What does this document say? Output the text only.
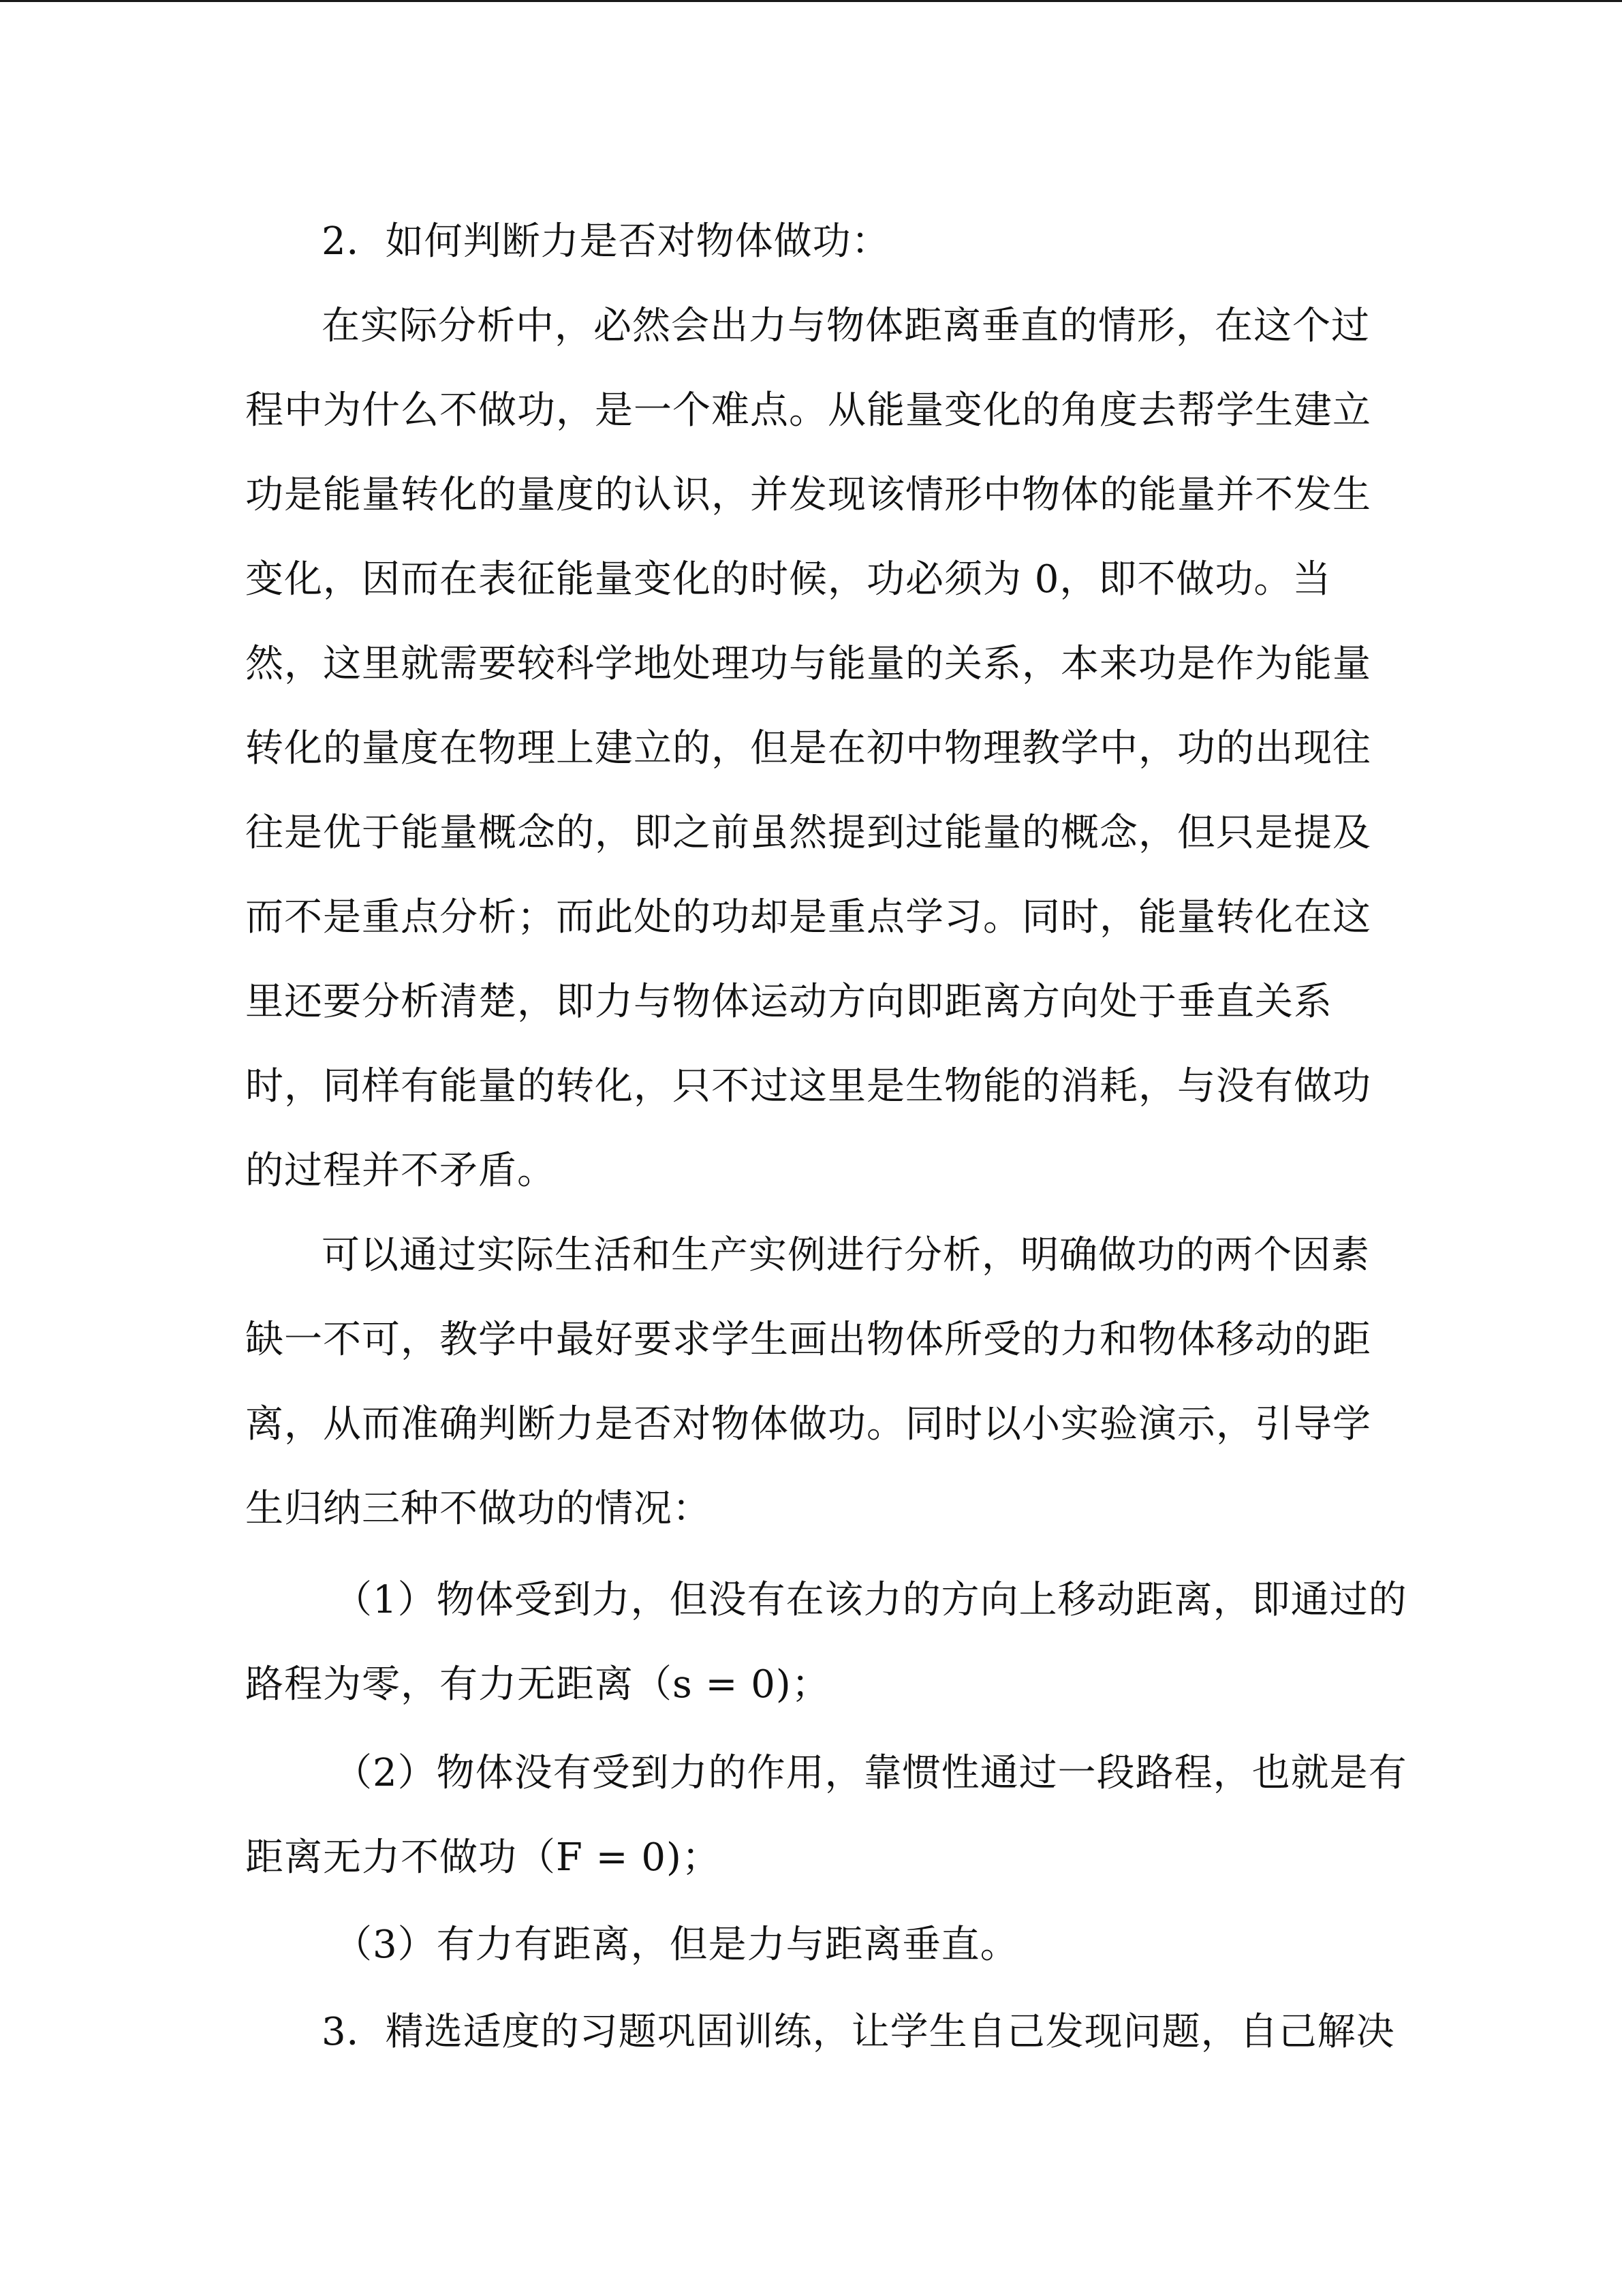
2．如何判断力是否对物体做功：
在实际分析中，必然会出力与物体距离垂直的情形，在这个过
程中为什么不做功，是一个难点。从能量变化的角度去帮学生建立
功是能量转化的量度的认识，并发现该情形中物体的能量并不发生
变化，因而在表征能量变化的时候，功必须为 0，即不做功。当
然，这里就需要较科学地处理功与能量的关系，本来功是作为能量
转化的量度在物理上建立的，但是在初中物理教学中，功的出现往
往是优于能量概念的，即之前虽然提到过能量的概念，但只是提及
而不是重点分析；而此处的功却是重点学习。同时，能量转化在这
里还要分析清楚，即力与物体运动方向即距离方向处于垂直关系
时，同样有能量的转化，只不过这里是生物能的消耗，与没有做功
的过程并不矛盾。
可以通过实际生活和生产实例进行分析，明确做功的两个因素
缺一不可，教学中最好要求学生画出物体所受的力和物体移动的距
离，从而准确判断力是否对物体做功。同时以小实验演示，引导学
生归纳三种不做功的情况：
（1）物体受到力，但没有在该力的方向上移动距离，即通过的
路程为零，有力无距离（s = 0)；
（2）物体没有受到力的作用，靠惯性通过一段路程，也就是有
距离无力不做功（F = 0)；
（3）有力有距离，但是力与距离垂直。
3．精选适度的习题巩固训练，让学生自己发现问题，自己解决
